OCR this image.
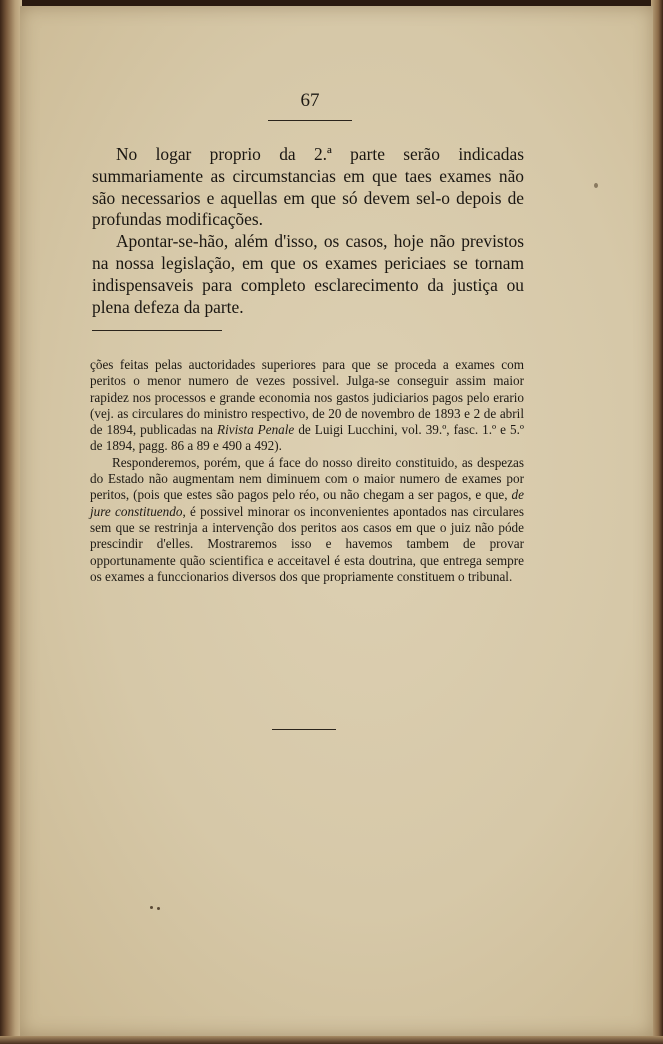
67

No logar proprio da 2.ª parte serão indicadas summariamente as circumstancias em que taes exames não são necessarios e aquellas em que só devem sel-o depois de profundas modificações.

Apontar-se-hão, além d'isso, os casos, hoje não previstos na nossa legislação, em que os exames periciaes se tornam indispensaveis para completo esclarecimento da justiça ou plena defeza da parte.

ções feitas pelas auctoridades superiores para que se proceda a exames com peritos o menor numero de vezes possivel. Julga-se conseguir assim maior rapidez nos processos e grande economia nos gastos judiciarios pagos pelo erario (vej. as circulares do ministro respectivo, de 20 de novembro de 1893 e 2 de abril de 1894, publicadas na Rivista Penale de Luigi Lucchini, vol. 39.º, fasc. 1.º e 5.º de 1894, pagg. 86 a 89 e 490 a 492).

Responderemos, porém, que á face do nosso direito constituido, as despezas do Estado não augmentam nem diminuem com o maior numero de exames por peritos, (pois que estes são pagos pelo réo, ou não chegam a ser pagos, e que, de jure constituendo, é possivel minorar os inconvenientes apontados nas circulares sem que se restrinja a intervenção dos peritos aos casos em que o juiz não póde prescindir d'elles. Mostraremos isso e havemos tambem de provar opportunamente quão scientifica e acceitavel é esta doutrina, que entrega sempre os exames a funccionarios diversos dos que propriamente constituem o tribunal.
